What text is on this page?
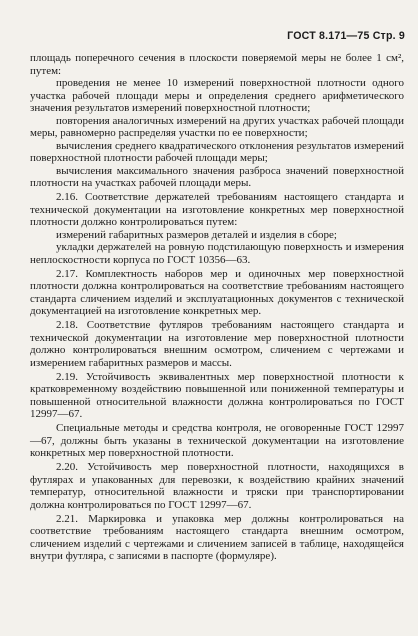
ГОСТ 8.171—75 Стр. 9

площадь поперечного сечения в плоскости поверяемой меры не более 1 см², путем:

проведения не менее 10 измерений поверхностной плотности одного участка рабочей площади меры и определения среднего арифметического значения результатов измерений поверхностной плотности;

повторения аналогичных измерений на других участках рабочей площади меры, равномерно распределяя участки по ее поверхности;

вычисления среднего квадратического отклонения результатов измерений поверхностной плотности рабочей площади меры;

вычисления максимального значения разброса значений поверхностной плотности на участках рабочей площади меры.

2.16. Соответствие держателей требованиям настоящего стандарта и технической документации на изготовление конкретных мер поверхностной плотности должно контролироваться путем:

измерений габаритных размеров деталей и изделия в сборе;

укладки держателей на ровную подстилающую поверхность и измерения неплоскостности корпуса по ГОСТ 10356—63.

2.17. Комплектность наборов мер и одиночных мер поверхностной плотности должна контролироваться на соответствие требованиям настоящего стандарта сличением изделий и эксплуатационных документов с технической документацией на изготовление конкретных мер.

2.18. Соответствие футляров требованиям настоящего стандарта и технической документации на изготовление мер поверхностной плотности должно контролироваться внешним осмотром, сличением с чертежами и измерением габаритных размеров и массы.

2.19. Устойчивость эквивалентных мер поверхностной плотности к кратковременному воздействию повышенной или пониженной температуры и повышенной относительной влажности должна контролироваться по ГОСТ 12997—67.

Специальные методы и средства контроля, не оговоренные ГОСТ 12997—67, должны быть указаны в технической документации на изготовление конкретных мер поверхностной плотности.

2.20. Устойчивость мер поверхностной плотности, находящихся в футлярах и упакованных для перевозки, к воздействию крайних значений температур, относительной влажности и тряски при транспортировании должна контролироваться по ГОСТ 12997—67.

2.21. Маркировка и упаковка мер должны контролироваться на соответствие требованиям настоящего стандарта внешним осмотром, сличением изделий с чертежами и сличением записей в таблице, находящейся внутри футляра, с записями в паспорте (формуляре).
